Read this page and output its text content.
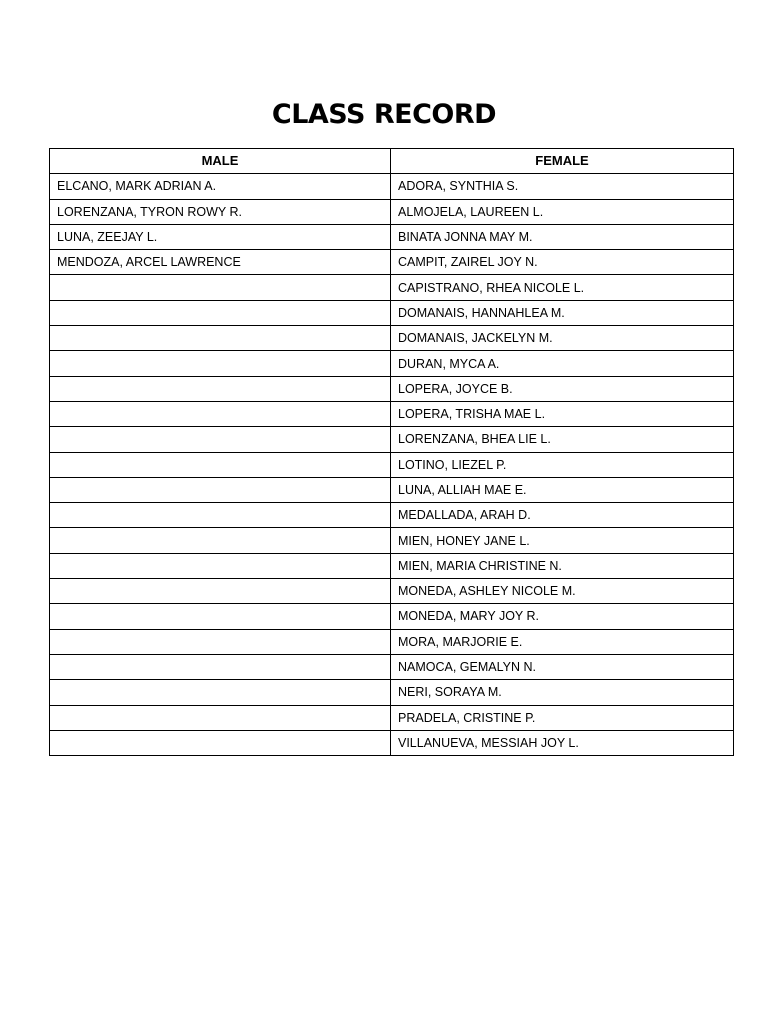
CLASS RECORD
MALE	FEMALE
ELCANO, MARK ADRIAN A.	ADORA, SYNTHIA S.
LORENZANA, TYRON ROWY R.	ALMOJELA, LAUREEN L.
LUNA, ZEEJAY L.	BINATA JONNA MAY M.
MENDOZA, ARCEL LAWRENCE	CAMPIT, ZAIREL JOY N.
	CAPISTRANO, RHEA NICOLE L.
	DOMANAIS, HANNAHLEA M.
	DOMANAIS, JACKELYN M.
	DURAN, MYCA A.
	LOPERA, JOYCE B.
	LOPERA, TRISHA MAE L.
	LORENZANA, BHEA LIE L.
	LOTINO, LIEZEL P.
	LUNA, ALLIAH MAE E.
	MEDALLADA, ARAH D.
	MIEN, HONEY JANE L.
	MIEN, MARIA CHRISTINE N.
	MONEDA, ASHLEY NICOLE M.
	MONEDA, MARY JOY R.
	MORA, MARJORIE E.
	NAMOCA, GEMALYN N.
	NERI, SORAYA M.
	PRADELA, CRISTINE P.
	VILLANUEVA, MESSIAH JOY L.
